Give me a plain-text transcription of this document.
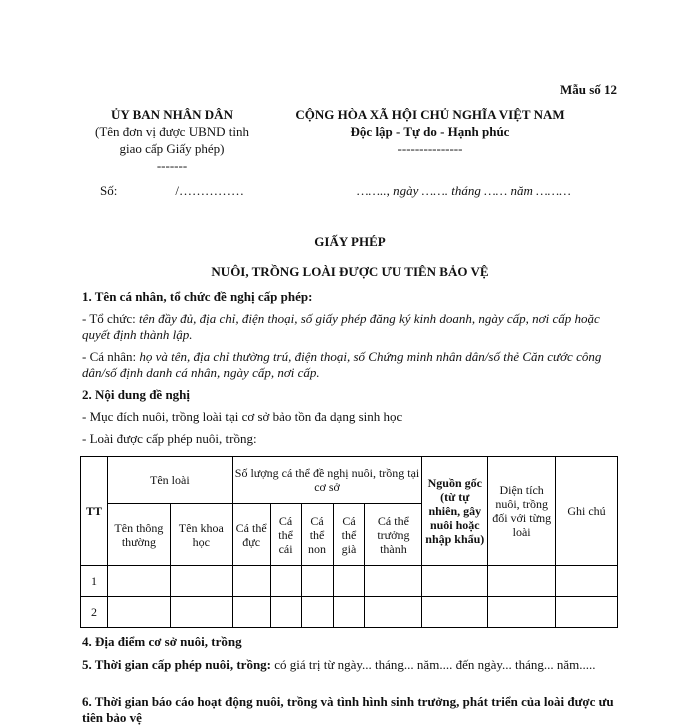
Mẫu số 12
ỦY BAN NHÂN DÂN
(Tên đơn vị được UBND tỉnh
giao cấp Giấy phép)
-------
CỘNG HÒA XÃ HỘI CHỦ NGHĨA VIỆT NAM
Độc lập - Tự do - Hạnh phúc
---------------
Số:	/……………	…….., ngày ……. tháng …… năm ………
GIẤY PHÉP
NUÔI, TRỒNG LOÀI ĐƯỢC ƯU TIÊN BẢO VỆ

1. Tên cá nhân, tổ chức đề nghị cấp phép:

- Tổ chức: tên đầy đủ, địa chỉ, điện thoại, số giấy phép đăng ký kinh doanh, ngày cấp, nơi cấp hoặc quyết định thành lập.

- Cá nhân: họ và tên, địa chỉ thường trú, điện thoại, số Chứng minh nhân dân/số thẻ Căn cước công dân/số định danh cá nhân, ngày cấp, nơi cấp.

2. Nội dung đề nghị

- Mục đích nuôi, trồng loài tại cơ sở bảo tồn đa dạng sinh học

- Loài được cấp phép nuôi, trồng:

TT	Tên loài		Số lượng cá thể đề nghị nuôi, trồng tại cơ sở					Nguồn gốc (từ tự nhiên, gây nuôi hoặc nhập khẩu)	Diện tích nuôi, trồng đối với từng loài	Ghi chú
	Tên thông thường	Tên khoa học	Cá thể đực	Cá thể cái	Cá thể non	Cá thể già	Cá thể trưởng thành			
1										
2										
4. Địa điểm cơ sở nuôi, trồng
5. Thời gian cấp phép nuôi, trồng: có giá trị từ ngày... tháng... năm.... đến ngày... tháng... năm.....
6. Thời gian báo cáo hoạt động nuôi, trồng và tình hình sinh trưởng, phát triển của loài được ưu tiên bảo vệ
